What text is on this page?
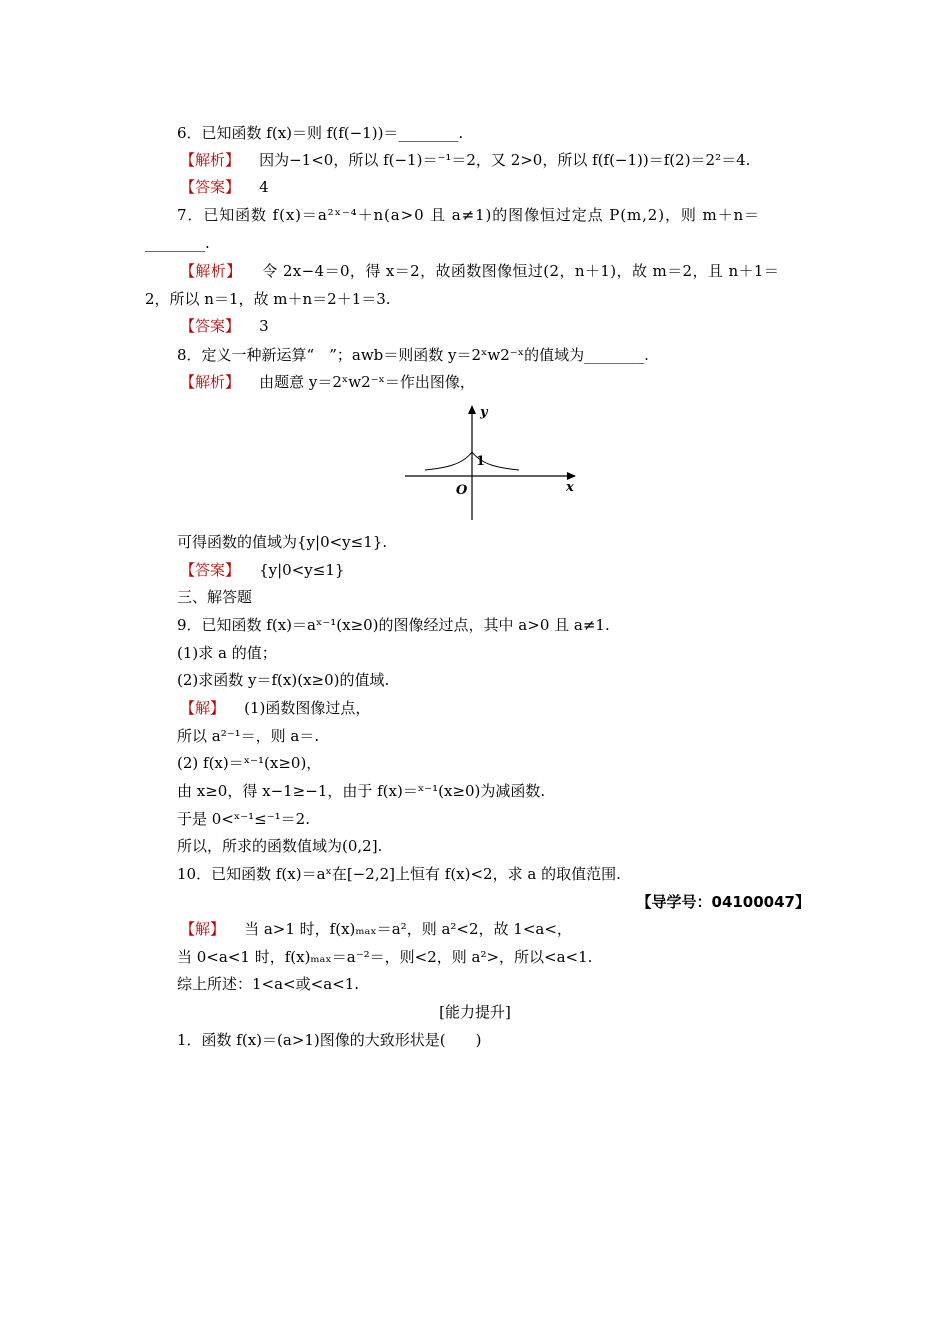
6．已知函数 f(x)＝则 f(f(−1))＝________.
【解析】 因为−1<0，所以 f(−1)＝⁻¹＝2，又 2>0，所以 f(f(−1))＝f(2)＝2²＝4.
【答案】 4
7．已知函数 f(x)＝a²ˣ⁻⁴＋n(a>0 且 a≠1)的图像恒过定点 P(m,2)，则 m＋n＝
________.
【解析】 令 2x−4＝0，得 x＝2，故函数图像恒过(2，n＋1)，故 m＝2，且 n＋1＝
2，所以 n＝1，故 m＋n＝2＋1＝3.
【答案】 3
8．定义一种新运算“　”；awb＝则函数 y＝2ˣw2⁻ˣ的值域为________.
【解析】 由题意 y＝2ˣw2⁻ˣ＝作出图像，
y
x
O
1
可得函数的值域为{y|0<y≤1}.
【答案】 {y|0<y≤1}
三、解答题
9．已知函数 f(x)＝aˣ⁻¹(x≥0)的图像经过点，其中 a>0 且 a≠1.
(1)求 a 的值；
(2)求函数 y＝f(x)(x≥0)的值域.
【解】 (1)函数图像过点，
所以 a²⁻¹＝，则 a＝.
(2) f(x)＝ˣ⁻¹(x≥0)，
由 x≥0，得 x−1≥−1，由于 f(x)＝ˣ⁻¹(x≥0)为减函数.
于是 0<ˣ⁻¹≤⁻¹＝2.
所以，所求的函数值域为(0,2].
10．已知函数 f(x)＝aˣ在[−2,2]上恒有 f(x)<2，求 a 的取值范围.
【导学号：04100047】
【解】 当 a>1 时，f(x)ₘₐₓ＝a²，则 a²<2，故 1<a<，
当 0<a<1 时，f(x)ₘₐₓ＝a⁻²＝，则<2，则 a²>，所以<a<1.
综上所述：1<a<或<a<1.
[能力提升]
1．函数 f(x)＝(a>1)图像的大致形状是(　　)
